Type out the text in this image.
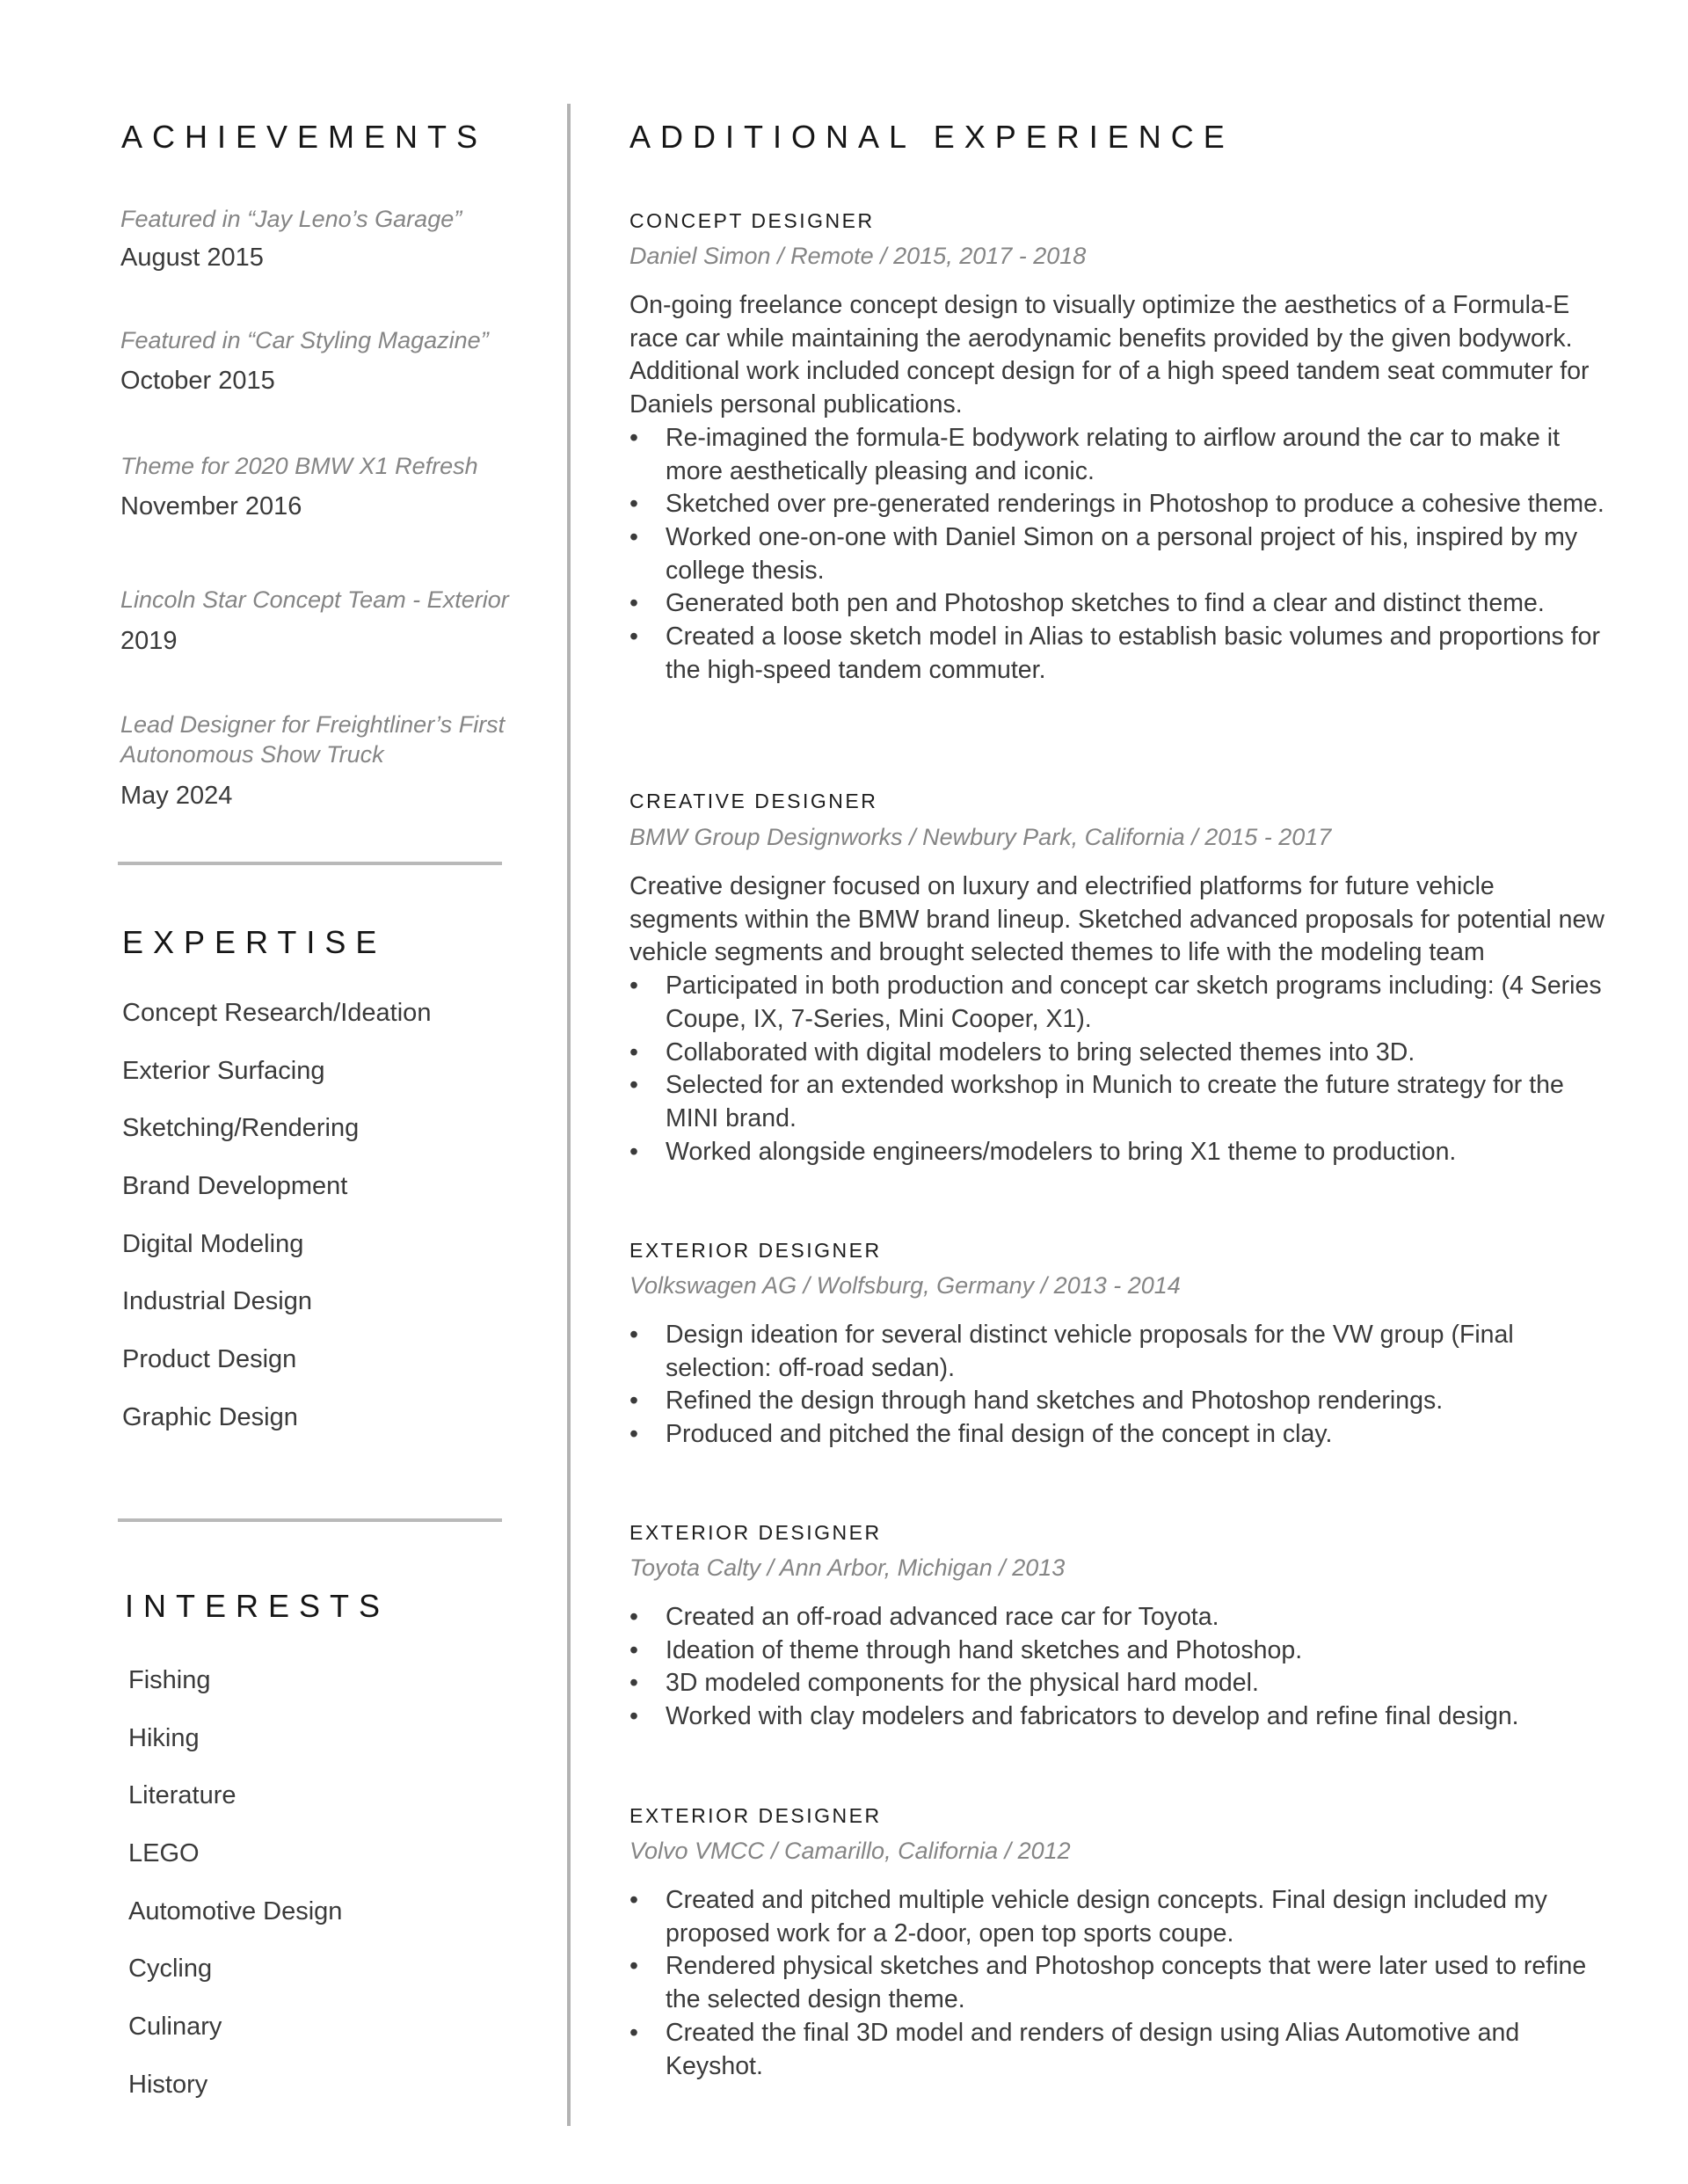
ACHIEVEMENTS
Featured in “Jay Leno’s Garage”
August 2015
Featured in “Car Styling Magazine”
October 2015
Theme for 2020 BMW X1 Refresh
November 2016
Lincoln Star Concept Team - Exterior
2019
Lead Designer for Freightliner’s First Autonomous Show Truck
May 2024
EXPERTISE
Concept Research/Ideation
Exterior Surfacing
Sketching/Rendering
Brand Development
Digital Modeling
Industrial Design
Product Design
Graphic Design
INTERESTS
Fishing
Hiking
Literature
LEGO
Automotive Design
Cycling
Culinary
History
ADDITIONAL EXPERIENCE
CONCEPT DESIGNER
Daniel Simon / Remote / 2015, 2017 - 2018

On-going freelance concept design to visually optimize the aesthetics of a Formula-E race car while maintaining the aerodynamic benefits provided by the given bodywork. Additional work included concept design for of a high speed tandem seat commuter for Daniels personal publications.

• Re-imagined the formula-E bodywork relating to airflow around the car to make it more aesthetically pleasing and iconic.
• Sketched over pre-generated renderings in Photoshop to produce a cohesive theme.
• Worked one-on-one with Daniel Simon on a personal project of his, inspired by my college thesis.
• Generated both pen and Photoshop sketches to find a clear and distinct theme.
• Created a loose sketch model in Alias to establish basic volumes and proportions for the high-speed tandem commuter.
CREATIVE DESIGNER
BMW Group Designworks / Newbury Park, California / 2015 - 2017

Creative designer focused on luxury and electrified platforms for future vehicle segments within the BMW brand lineup. Sketched advanced proposals for potential new vehicle segments and brought selected themes to life with the modeling team

• Participated in both production and concept car sketch programs including: (4 Series Coupe, IX, 7-Series, Mini Cooper, X1).
• Collaborated with digital modelers to bring selected themes into 3D.
• Selected for an extended workshop in Munich to create the future strategy for the MINI brand.
• Worked alongside engineers/modelers to bring X1 theme to production.
EXTERIOR DESIGNER
Volkswagen AG / Wolfsburg, Germany / 2013 - 2014
• Design ideation for several distinct vehicle proposals for the VW group (Final selection: off-road sedan).
• Refined the design through hand sketches and Photoshop renderings.
• Produced and pitched the final design of the concept in clay.
EXTERIOR DESIGNER
Toyota Calty / Ann Arbor, Michigan / 2013
• Created an off-road advanced race car for Toyota.
• Ideation of theme through hand sketches and Photoshop.
• 3D modeled components for the physical hard model.
• Worked with clay modelers and fabricators to develop and refine final design.
EXTERIOR DESIGNER
Volvo VMCC / Camarillo, California / 2012
• Created and pitched multiple vehicle design concepts. Final design included my proposed work for a 2-door, open top sports coupe.
• Rendered physical sketches and Photoshop concepts that were later used to refine the selected design theme.
• Created the final 3D model and renders of design using Alias Automotive and Keyshot.
